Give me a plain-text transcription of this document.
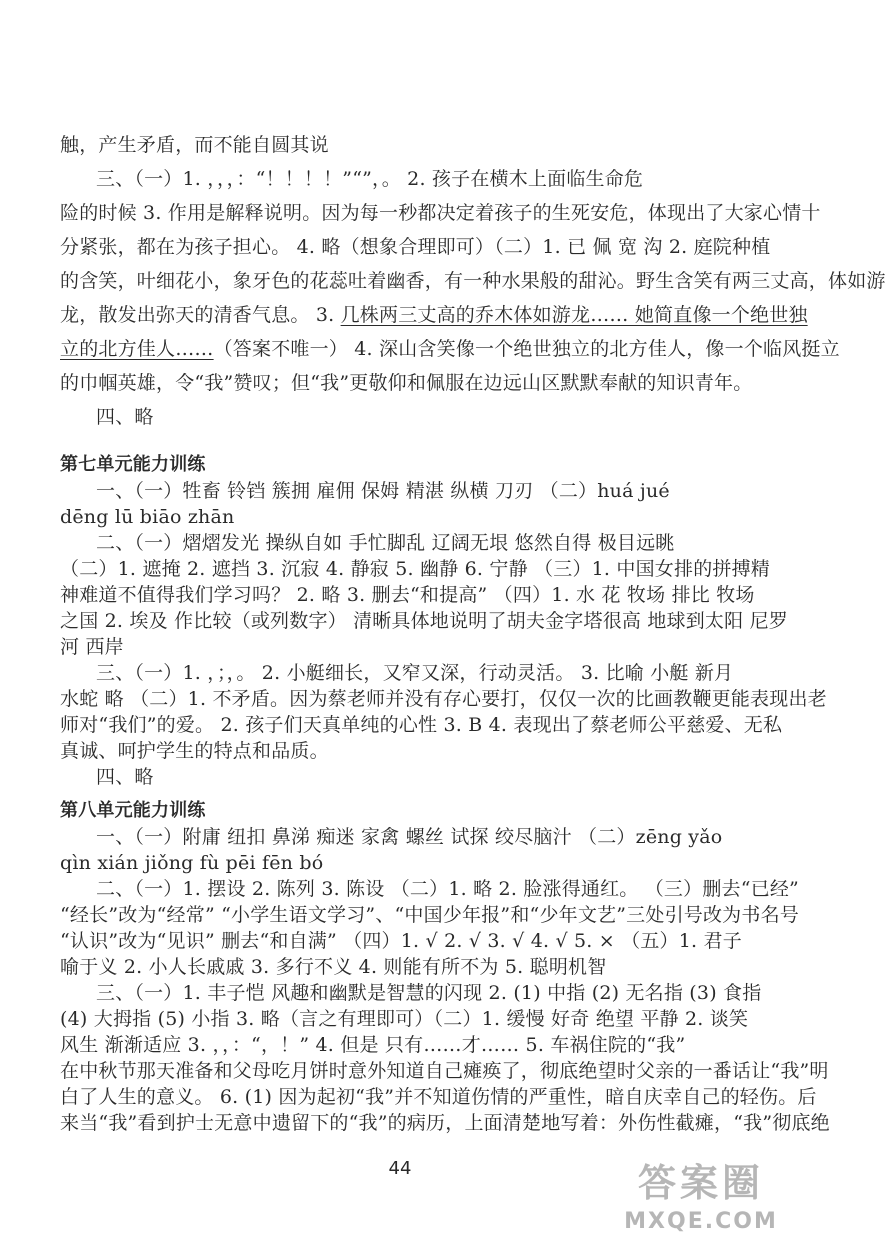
触，产生矛盾，而不能自圆其说
三、（一）1. ，，，：“！！！！”“”，。 2. 孩子在横木上面临生命危
险的时候 3. 作用是解释说明。因为每一秒都决定着孩子的生死安危，体现出了大家心情十
分紧张，都在为孩子担心。 4. 略（想象合理即可）（二）1. 已 佩 宽 沟 2. 庭院种植
的含笑，叶细花小，象牙色的花蕊吐着幽香，有一种水果般的甜沁。野生含笑有两三丈高，体如游
龙，散发出弥天的清香气息。 3. 几株两三丈高的乔木体如游龙…… 她简直像一个绝世独
立的北方佳人……（答案不唯一） 4. 深山含笑像一个绝世独立的北方佳人，像一个临风挺立
的巾帼英雄，令“我”赞叹；但“我”更敬仰和佩服在边远山区默默奉献的知识青年。
四、略
第七单元能力训练
一、（一）牲畜 铃铛 簇拥 雇佣 保姆 精湛 纵横 刀刃 （二）huá jué
dēng lū biāo zhān
二、（一）熠熠发光 操纵自如 手忙脚乱 辽阔无垠 悠然自得 极目远眺
（二）1. 遮掩 2. 遮挡 3. 沉寂 4. 静寂 5. 幽静 6. 宁静 （三）1. 中国女排的拼搏精
神难道不值得我们学习吗？ 2. 略 3. 删去“和提高” （四）1. 水 花 牧场 排比 牧场
之国 2. 埃及 作比较（或列数字） 清晰具体地说明了胡夫金字塔很高 地球到太阳 尼罗
河 西岸
三、（一）1. ，；，。 2. 小艇细长，又窄又深，行动灵活。 3. 比喻 小艇 新月
水蛇 略 （二）1. 不矛盾。因为蔡老师并没有存心要打，仅仅一次的比画教鞭更能表现出老
师对“我们”的爱。 2. 孩子们天真单纯的心性 3. B 4. 表现出了蔡老师公平慈爱、无私
真诚、呵护学生的特点和品质。
四、略
第八单元能力训练
一、（一）附庸 纽扣 鼻涕 痴迷 家禽 螺丝 试探 绞尽脑汁 （二）zēng yǎo
qìn xián jiǒng fù pēi fēn bó
二、（一）1. 摆设 2. 陈列 3. 陈设 （二）1. 略 2. 脸涨得通红。 （三）删去“已经”
“经长”改为“经常” “小学生语文学习”、“中国少年报”和“少年文艺”三处引号改为书名号
“认识”改为“见识” 删去“和自满” （四）1. √ 2. √ 3. √ 4. √ 5. × （五）1. 君子
喻于义 2. 小人长戚戚 3. 多行不义 4. 则能有所不为 5. 聪明机智
三、（一）1. 丰子恺 风趣和幽默是智慧的闪现 2. (1) 中指 (2) 无名指 (3) 食指
(4) 大拇指 (5) 小指 3. 略（言之有理即可）（二）1. 缓慢 好奇 绝望 平静 2. 谈笑
风生 渐渐适应 3. ，，：“，！” 4. 但是 只有……才…… 5. 车祸住院的“我”
在中秋节那天准备和父母吃月饼时意外知道自己瘫痪了，彻底绝望时父亲的一番话让“我”明
白了人生的意义。 6. (1) 因为起初“我”并不知道伤情的严重性，暗自庆幸自己的轻伤。后
来当“我”看到护士无意中遗留下的“我”的病历，上面清楚地写着：外伤性截瘫，“我”彻底绝
44	答案圈
MXQE.COM
